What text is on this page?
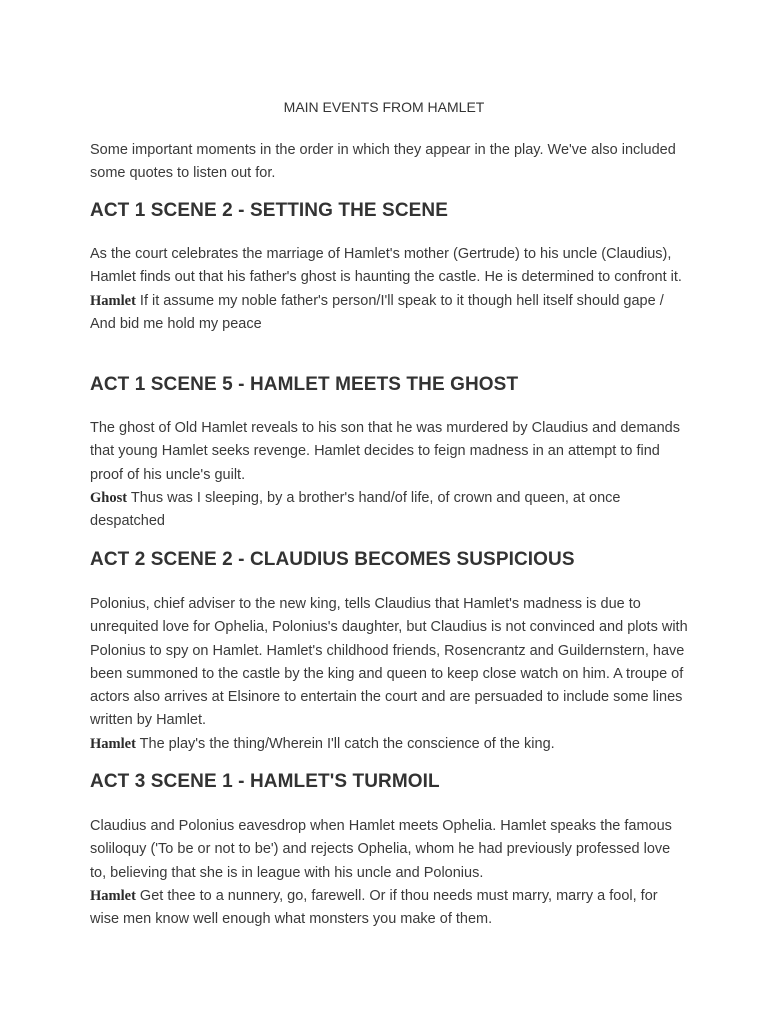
MAIN EVENTS FROM HAMLET

Some important moments in the order in which they appear in the play. We've also included some quotes to listen out for.

ACT 1 SCENE 2 - SETTING THE SCENE

As the court celebrates the marriage of Hamlet's mother (Gertrude) to his uncle (Claudius), Hamlet finds out that his father's ghost is haunting the castle. He is determined to confront it.

Hamlet If it assume my noble father's person/I'll speak to it though hell itself should gape / And bid me hold my peace

ACT 1 SCENE 5 - HAMLET MEETS THE GHOST

The ghost of Old Hamlet reveals to his son that he was murdered by Claudius and demands that young Hamlet seeks revenge. Hamlet decides to feign madness in an attempt to find proof of his uncle's guilt.

Ghost Thus was I sleeping, by a brother's hand/of life, of crown and queen, at once despatched

ACT 2 SCENE 2 - CLAUDIUS BECOMES SUSPICIOUS

Polonius, chief adviser to the new king, tells Claudius that Hamlet's madness is due to unrequited love for Ophelia, Polonius's daughter, but Claudius is not convinced and plots with Polonius to spy on Hamlet. Hamlet's childhood friends, Rosencrantz and Guildernstern, have been summoned to the castle by the king and queen to keep close watch on him. A troupe of actors also arrives at Elsinore to entertain the court and are persuaded to include some lines written by Hamlet.

Hamlet The play's the thing/Wherein I'll catch the conscience of the king.

ACT 3 SCENE 1 - HAMLET'S TURMOIL

Claudius and Polonius eavesdrop when Hamlet meets Ophelia. Hamlet speaks the famous soliloquy ('To be or not to be') and rejects Ophelia, whom he had previously professed love to, believing that she is in league with his uncle and Polonius.

Hamlet Get thee to a nunnery, go, farewell. Or if thou needs must marry, marry a fool, for wise men know well enough what monsters you make of them.
